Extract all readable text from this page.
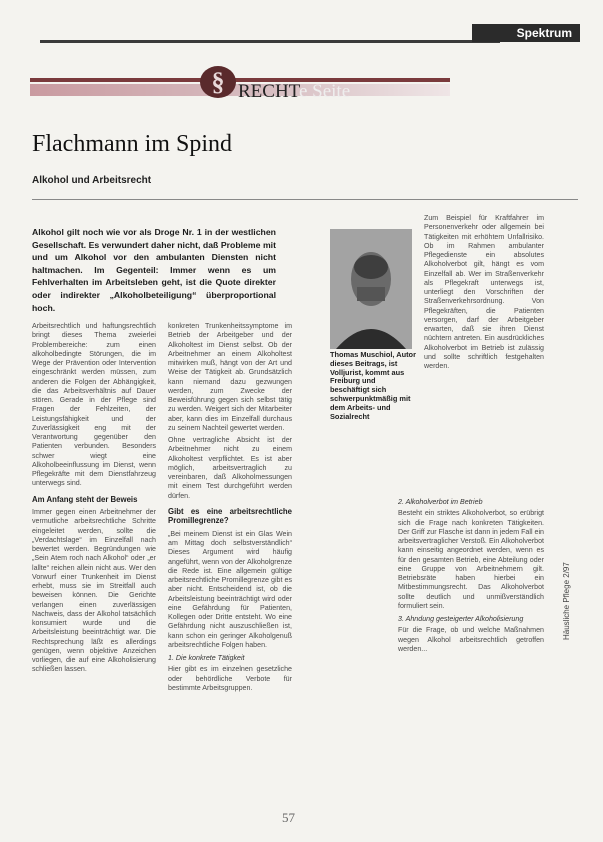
Spektrum
§ RECHTe Seite
Flachmann im Spind
Alkohol und Arbeitsrecht
Alkohol gilt noch wie vor als Droge Nr. 1 in der westlichen Gesellschaft. Es verwundert daher nicht, daß Probleme mit und um Alkohol vor den ambulanten Diensten nicht haltmachen. Im Gegenteil: Immer wenn es um Fehlverhalten im Arbeitsleben geht, ist die Quote direkter oder indirekter „Alkoholbeteiligung“ überproportional hoch.
Thomas Muschiol, Autor dieses Beitrags, ist Volljurist, kommt aus Freiburg und beschäftigt sich schwerpunktmäßig mit dem Arbeits- und Sozialrecht

Arbeitsrechtlich und haftungsrechtlich bringt dieses Thema zweierlei Problembereiche: zum einen alkoholbedingte Störungen, die im Wege der Prävention oder Intervention eingeschränkt werden müssen, zum anderen die Folgen der Abhängigkeit, die das Arbeitsverhältnis auf Dauer stören. Gerade in der Pflege sind Fragen der Fehlzeiten, der Leistungsfähigkeit und der Zuverlässigkeit eng mit der Verantwortung gegenüber den Patienten verbunden. Besonders schwer wiegt eine Alkoholbeeinflussung im Dienst, wenn Pflegekräfte mit dem Dienstfahrzeug unterwegs sind.

Am Anfang steht der Beweis

Immer gegen einen Arbeitnehmer der vermutliche arbeitsrechtliche Schritte eingeleitet werden, sollte die „Verdachtslage“ im Einzelfall nach bewertet werden. Begründungen wie „Sein Atem roch nach Alkohol“ oder „er lallte“ reichen allein nicht aus. Wer den Vorwurf einer Trunkenheit im Dienst erhebt, muss sie im Streitfall auch beweisen können. Die Gerichte verlangen einen zuverlässigen Nachweis, dass der Alkohol tatsächlich konsumiert wurde und die Arbeitsleistung beeinträchtigt war. Die Rechtsprechung läßt es allerdings genügen, wenn objektive Anzeichen vorliegen, die auf eine Alkoholisierung schließen lassen.

konkreten Trunkenheitssymptome im Betrieb der Arbeitgeber und der Alkoholtest im Dienst selbst. Ob der Arbeitnehmer an einem Alkoholtest mitwirken muß, hängt von der Art und Weise der Tätigkeit ab. Grundsätzlich kann niemand dazu gezwungen werden, zum Zwecke der Beweisführung gegen sich selbst tätig zu werden. Weigert sich der Mitarbeiter aber, kann dies im Einzelfall durchaus zu seinem Nachteil gewertet werden.

Ohne vertragliche Absicht ist der Arbeitnehmer nicht zu einem Alkoholtest verpflichtet. Es ist aber möglich, arbeitsvertraglich zu vereinbaren, daß Alkoholmessungen mit einem Test durchgeführt werden dürfen.

Gibt es eine arbeitsrechtliche Promillegrenze?

„Bei meinem Dienst ist ein Glas Wein am Mittag doch selbstverständlich“ Dieses Argument wird häufig angeführt, wenn von der Alkoholgrenze die Rede ist. Eine allgemein gültige arbeitsrechtliche Promillegrenze gibt es aber nicht. Entscheidend ist, ob die Arbeitsleistung beeinträchtigt wird oder eine Gefährdung für Patienten, Kollegen oder Dritte entsteht. Wo eine Gefährdung nicht auszuschließen ist, kann schon ein geringer Alkoholgenuß arbeitsrechtliche Folgen haben.

1. Die konkrete Tätigkeit

Hier gibt es im einzelnen gesetzliche oder behördliche Verbote für bestimmte Arbeitsgruppen.

Zum Beispiel für Kraftfahrer im Personenverkehr oder allgemein bei Tätigkeiten mit erhöhtem Unfallrisiko. Ob im Rahmen ambulanter Pflegedienste ein absolutes Alkoholverbot gilt, hängt es vom Einzelfall ab. Wer im Straßenverkehr als Pflegekraft unterwegs ist, unterliegt den Vorschriften der Straßenverkehrsordnung. Von Pflegekräften, die Patienten versorgen, darf der Arbeitgeber erwarten, daß sie ihren Dienst nüchtern antreten. Ein ausdrückliches Alkoholverbot im Betrieb ist zulässig und sollte schriftlich festgehalten werden.

2. Alkoholverbot im Betrieb

Besteht ein striktes Alkoholverbot, so erübrigt sich die Frage nach konkreten Tätigkeiten. Der Griff zur Flasche ist dann in jedem Fall ein arbeitsvertraglicher Verstoß. Ein Alkoholverbot kann einseitig angeordnet werden, wenn es für den gesamten Betrieb, eine Abteilung oder eine Gruppe von Arbeitnehmern gilt. Betriebsräte haben hierbei ein Mitbestimmungsrecht. Das Alkoholverbot sollte deutlich und unmißverständlich formuliert sein.

3. Ahndung gesteigerter Alkoholisierung

Für die Frage, ob und welche Maßnahmen wegen Alkohol arbeitsrechtlich getroffen werden...

Häusliche Pflege 2/97
57
